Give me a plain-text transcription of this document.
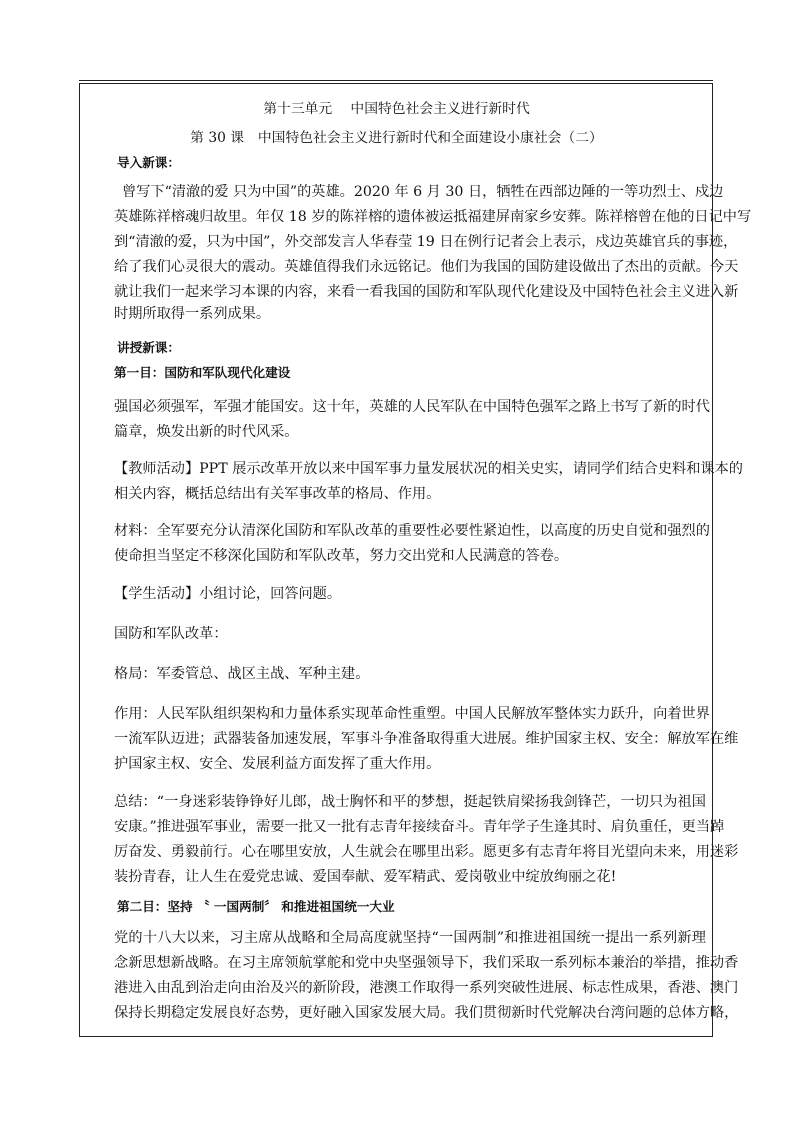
第十三单元　 中国特色社会主义进行新时代
第 30 课　中国特色社会主义进行新时代和全面建设小康社会（二）
导入新课：
曾写下“清澈的爱 只为中国”的英雄。2020 年 6 月 30 日，牺牲在西部边陲的一等功烈士、戍边
英雄陈祥榕魂归故里。年仅 18 岁的陈祥榕的遗体被运抵福建屏南家乡安葬。陈祥榕曾在他的日记中写
到“清澈的爱，只为中国”，外交部发言人华春莹 19 日在例行记者会上表示，戍边英雄官兵的事迹，
给了我们心灵很大的震动。英雄值得我们永远铭记。他们为我国的国防建设做出了杰出的贡献。今天
就让我们一起来学习本课的内容，来看一看我国的国防和军队现代化建设及中国特色社会主义进入新
时期所取得一系列成果。
讲授新课：
第一目：国防和军队现代化建设
强国必须强军，军强才能国安。这十年，英雄的人民军队在中国特色强军之路上书写了新的时代
篇章，焕发出新的时代风采。
【教师活动】PPT 展示改革开放以来中国军事力量发展状况的相关史实，请同学们结合史料和课本的
相关内容，概括总结出有关军事改革的格局、作用。
材料：全军要充分认清深化国防和军队改革的重要性必要性紧迫性，以高度的历史自觉和强烈的
使命担当坚定不移深化国防和军队改革，努力交出党和人民满意的答卷。
【学生活动】小组讨论，回答问题。
国防和军队改革：
格局：军委管总、战区主战、军种主建。
作用：人民军队组织架构和力量体系实现革命性重塑。中国人民解放军整体实力跃升，向着世界
一流军队迈进；武器装备加速发展，军事斗争准备取得重大进展。维护国家主权、安全：解放军在维
护国家主权、安全、发展利益方面发挥了重大作用。
总结：“一身迷彩装铮铮好儿郎，战士胸怀和平的梦想，挺起铁肩梁扬我剑锋芒，一切只为祖国
安康。”推进强军事业，需要一批又一批有志青年接续奋斗。青年学子生逢其时、肩负重任，更当踔
厉奋发、勇毅前行。心在哪里安放，人生就会在哪里出彩。愿更多有志青年将目光望向未来，用迷彩
装扮青春，让人生在爱党忠诚、爱国奉献、爱军精武、爱岗敬业中绽放绚丽之花!
第二目：坚持 〝 一国两制〞 和推进祖国统一大业
党的十八大以来，习主席从战略和全局高度就坚持“一国两制”和推进祖国统一提出一系列新理
念新思想新战略。在习主席领航掌舵和党中央坚强领导下，我们采取一系列标本兼治的举措，推动香
港进入由乱到治走向由治及兴的新阶段，港澳工作取得一系列突破性进展、标志性成果，香港、澳门
保持长期稳定发展良好态势，更好融入国家发展大局。我们贯彻新时代党解决台湾问题的总体方略，
